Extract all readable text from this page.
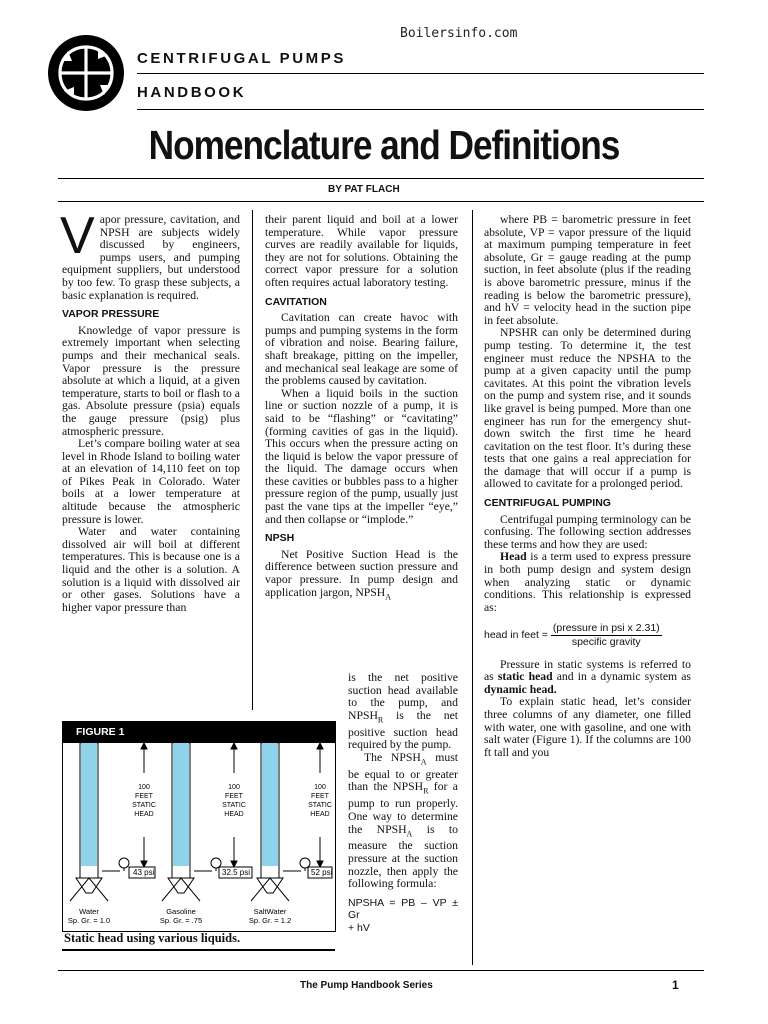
Boilersinfo.com
CENTRIFUGAL PUMPS
HANDBOOK
Nomenclature and Definitions
BY PAT FLACH

Vapor pressure, cavitation, and NPSH are subjects widely discussed by engineers, pumps users, and pumping equipment suppliers, but understood by too few. To grasp these subjects, a basic explanation is required.

VAPOR PRESSURE

Knowledge of vapor pressure is extremely important when selecting pumps and their mechanical seals. Vapor pressure is the pressure absolute at which a liquid, at a given temperature, starts to boil or flash to a gas. Absolute pressure (psia) equals the gauge pressure (psig) plus atmospheric pressure.

Let’s compare boiling water at sea level in Rhode Island to boiling water at an elevation of 14,110 feet on top of Pikes Peak in Colorado. Water boils at a lower temperature at altitude because the atmospheric pressure is lower.

Water and water containing dissolved air will boil at different temperatures. This is because one is a liquid and the other is a solution. A solution is a liquid with dissolved air or other gases. Solutions have a higher vapor pressure than

their parent liquid and boil at a lower temperature. While vapor pressure curves are readily available for liquids, they are not for solutions. Obtaining the correct vapor pressure for a solution often requires actual laboratory testing.

CAVITATION

Cavitation can create havoc with pumps and pumping systems in the form of vibration and noise. Bearing failure, shaft breakage, pitting on the impeller, and mechanical seal leakage are some of the problems caused by cavitation.

When a liquid boils in the suction line or suction nozzle of a pump, it is said to be “flashing” or “cavitating” (forming cavities of gas in the liquid). This occurs when the pressure acting on the liquid is below the vapor pressure of the liquid. The damage occurs when these cavities or bubbles pass to a higher pressure region of the pump, usually just past the vane tips at the impeller “eye,” and then collapse or “implode.”

NPSH

Net Positive Suction Head is the difference between suction pressure and vapor pressure. In pump design and application jargon, $NPSH_A$

is the net positive suction head available to the pump, and $NPSH_R$ is the net positive suction head required by the pump.

The $NPSH_A$ must be equal to or greater than the $NPSH_R$ for a pump to run properly. One way to determine the $NPSH_A$ is to measure the suction pressure at the suction nozzle, then apply the following formula:

NPSHA = PB – VP ± Gr
+ hV

where PB = barometric pressure in feet absolute, VP = vapor pressure of the liquid at maximum pumping temperature in feet absolute, Gr = gauge reading at the pump suction, in feet absolute (plus if the reading is above barometric pressure, minus if the reading is below the barometric pressure), and hV = velocity head in the suction pipe in feet absolute.

NPSHR can only be determined during pump testing. To determine it, the test engineer must reduce the NPSHA to the pump at a given capacity until the pump cavitates. At this point the vibration levels on the pump and system rise, and it sounds like gravel is being pumped. More than one engineer has run for the emergency shut-down switch the first time he heard cavitation on the test floor. It’s during these tests that one gains a real appreciation for the damage that will occur if a pump is allowed to cavitate for a prolonged period.

CENTRIFUGAL PUMPING

Centrifugal pumping terminology can be confusing. The following section addresses these terms and how they are used:

Head is a term used to express pressure in both pump design and system design when analyzing static or dynamic conditions. This relationship is expressed as:

head in feet = $\frac{\text{(pressure in psi x 2.31)}}{\text{specific gravity}}$

Pressure in static systems is referred to as static head and in a dynamic system as dynamic head.

To explain static head, let’s consider three columns of any diameter, one filled with water, one with gasoline, and one with salt water (Figure 1). If the columns are 100 ft tall and you

FIGURE 1
100
FEET
STATIC
HEAD
100
FEET
STATIC
HEAD
100
FEET
STATIC
HEAD
43 psi	32.5 psi	52 psi
Water
Sp. Gr. = 1.0
Gasoline
Sp. Gr. = .75
SaltWater
Sp. Gr. = 1.2
Static head using various liquids.
The Pump Handbook Series	1
